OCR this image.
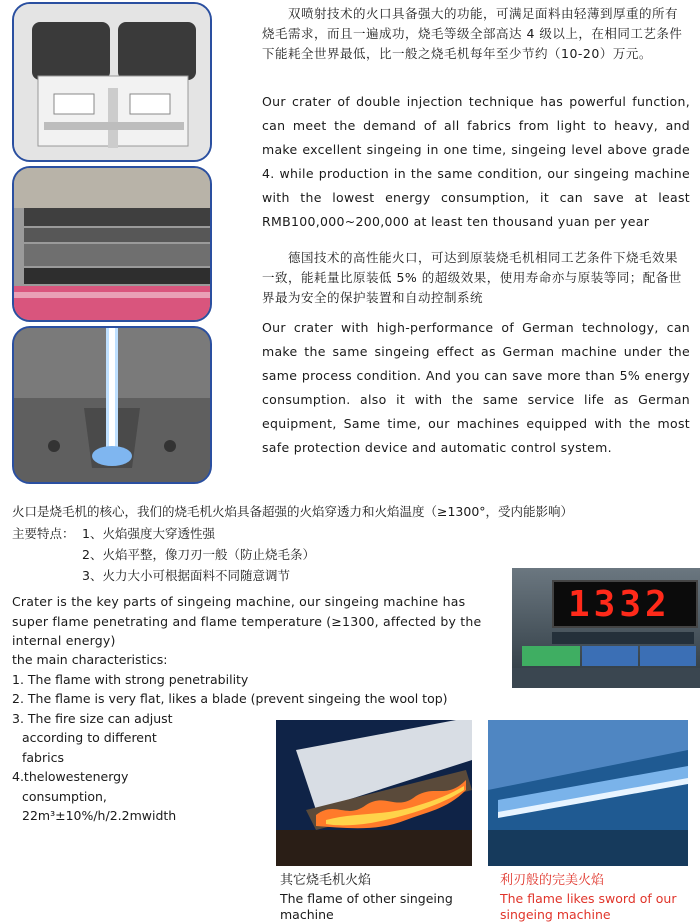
双喷射技术的火口具备强大的功能，可满足面料由轻薄到厚重的所有烧毛需求，而且一遍成功，烧毛等级全部高达 4 级以上，在相同工艺条件下能耗全世界最低，比一般之烧毛机每年至少节约（10-20）万元。

Our crater of double injection technique has powerful function, can meet the demand of all fabrics from light to heavy, and make excellent singeing in one time, singeing level above grade 4. while production in the same condition, our singeing machine with the lowest energy consumption, it can save at least RMB100,000~200,000 at least ten thousand yuan per year

德国技术的高性能火口，可达到原装烧毛机相同工艺条件下烧毛效果一致，能耗量比原装低 5% 的超级效果，使用寿命亦与原装等同；配备世界最为安全的保护装置和自动控制系统

Our crater with high-performance of German technology, can make the same singeing effect as German machine under the same process condition. And you can save more than 5% energy consumption. also it with the same service life as German equipment, Same time, our machines equipped with the most safe protection device and automatic control system.

火口是烧毛机的核心，我们的烧毛机火焰具备超强的火焰穿透力和火焰温度（≥1300°，受内能影响）
主要特点： 1、火焰强度大穿透性强
2、火焰平整，像刀刃一般（防止烧毛条）
3、火力大小可根据面料不同随意调节
1332
Crater is the key parts of singeing machine, our singeing machine has super flame penetrating and flame temperature (≥1300, affected by the internal energy)
the main characteristics:
1. The flame with strong penetrability
2. The flame is very flat, likes a blade (prevent singeing the wool top)
3. The fire size can adjust
according to different
fabrics
4.thelowestenergy
consumption,
22m³±10%/h/2.2mwidth
其它烧毛机火焰
The flame of other singeing machine
利刃般的完美火焰
The flame likes sword of our singeing machine
